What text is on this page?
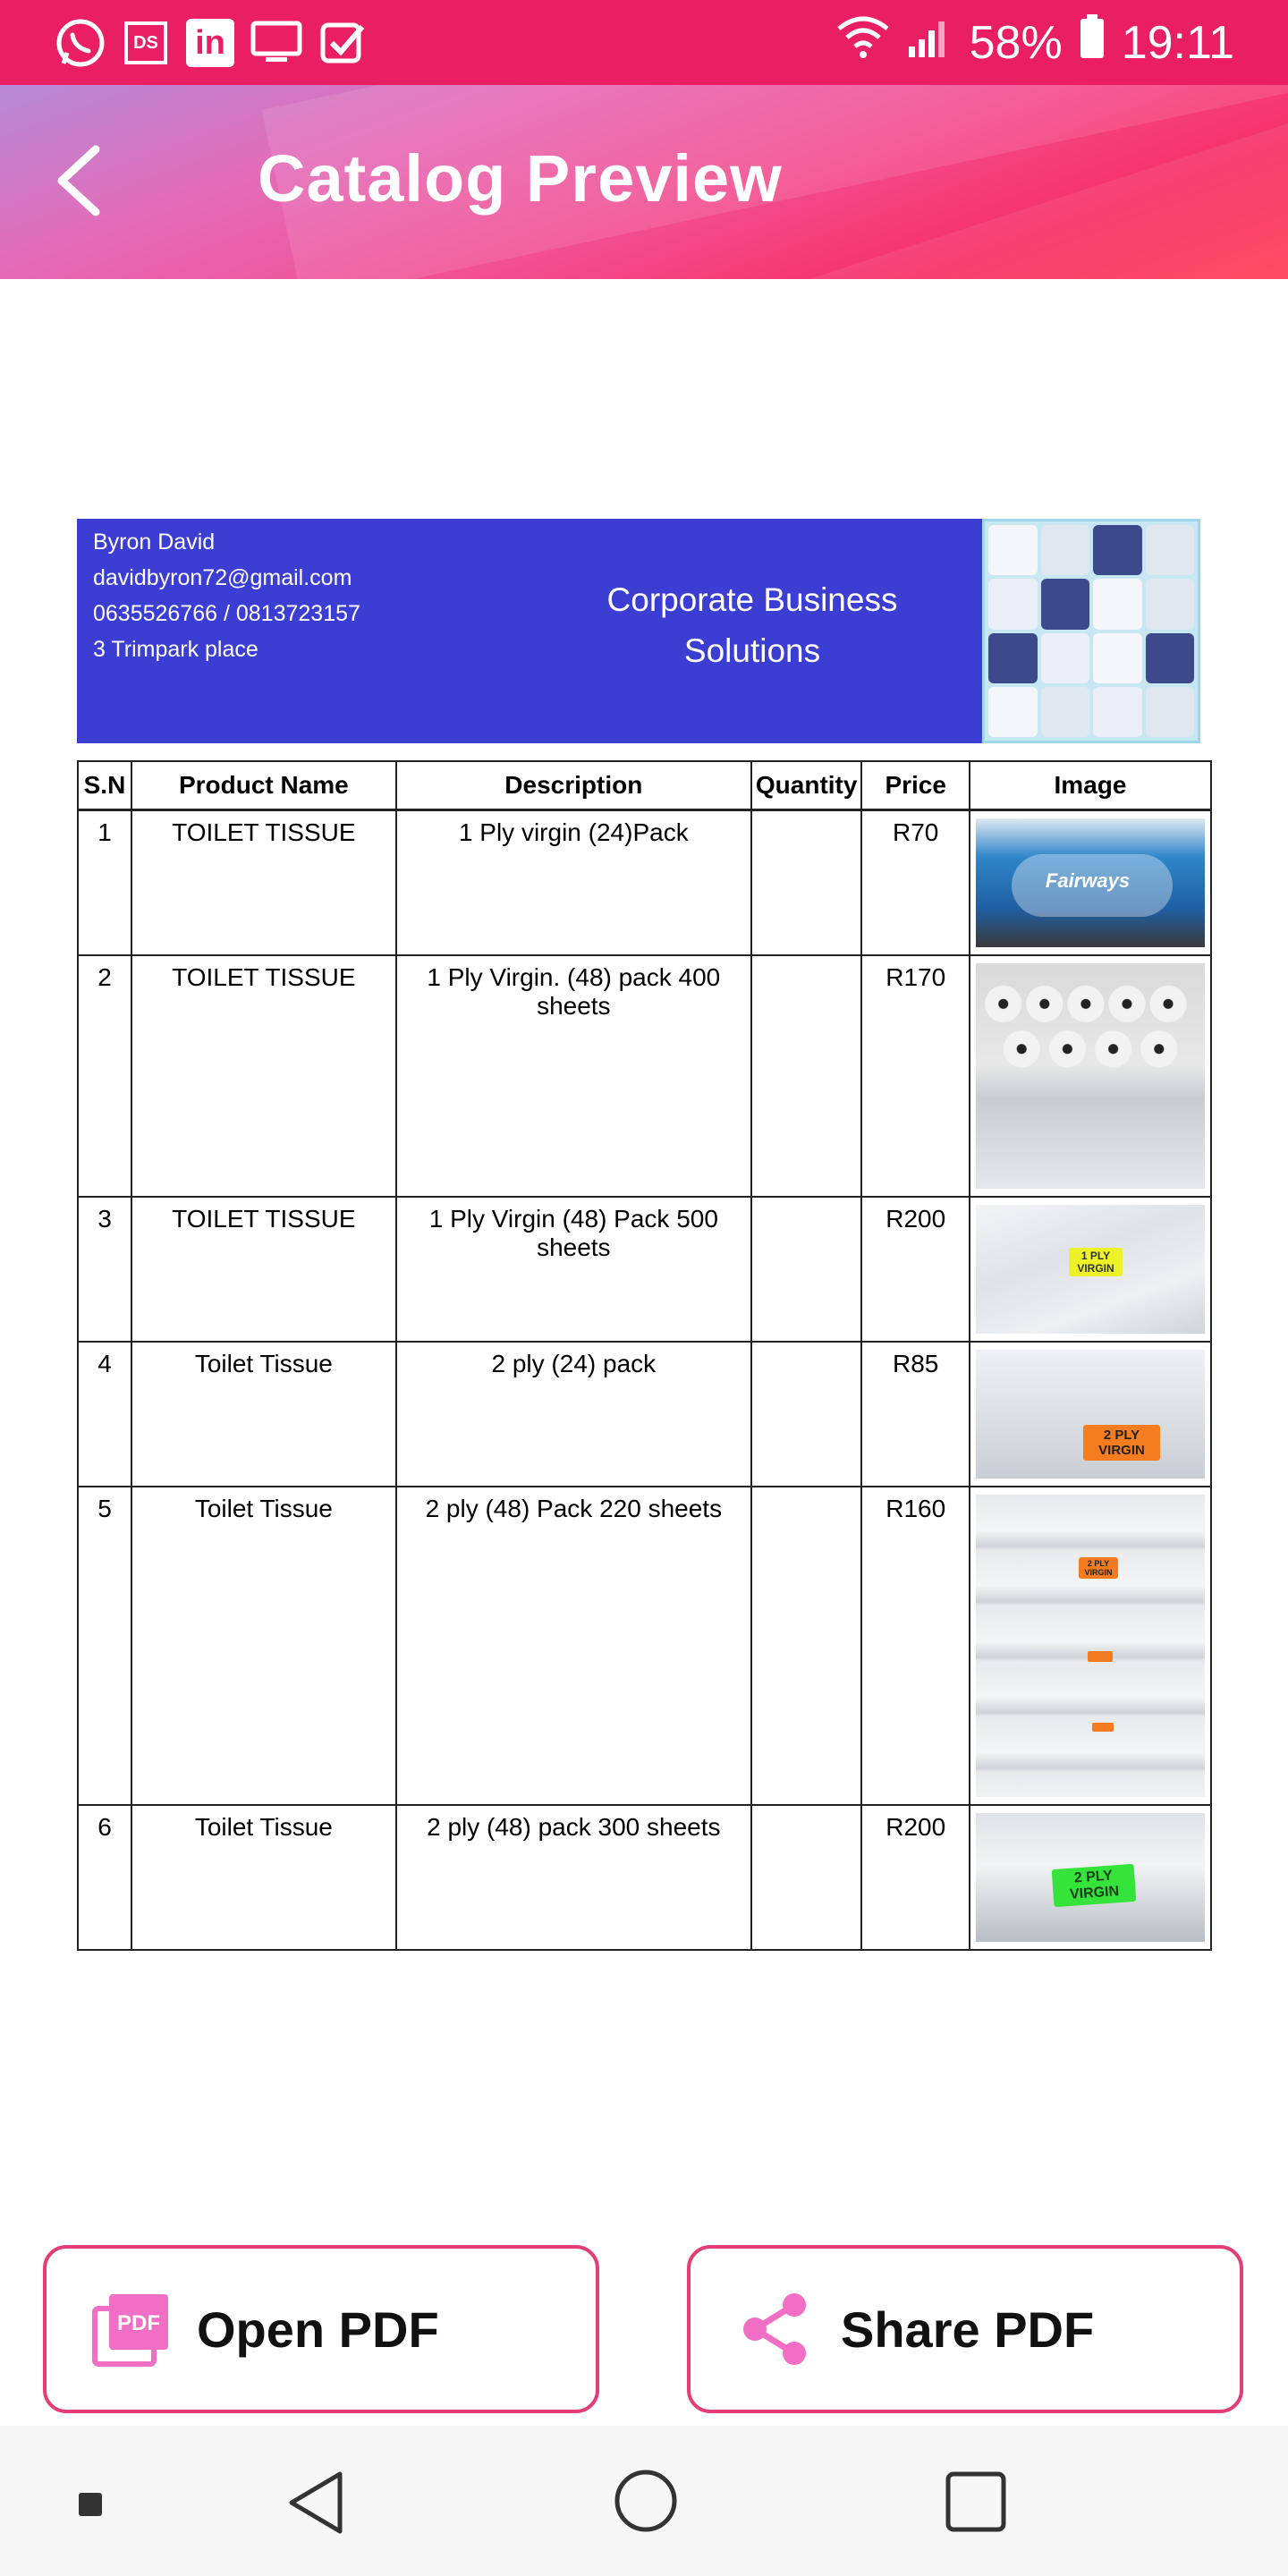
DS in	58% 19:11
Catalog Preview
Byron David
davidbyron72@gmail.com
0635526766 / 0813723157
3 Trimpark place
Corporate Business
Solutions
S.N	Product Name	Description	Quantity	Price	Image
1	TOILET TISSUE	1 Ply virgin (24)Pack		R70	Fairways

2	TOILET TISSUE	1 Ply Virgin. (48) pack 400 sheets		R170	

3	TOILET TISSUE	1 Ply Virgin (48) Pack 500 sheets		R200	1 PLY VIRGIN

4	Toilet Tissue	2 ply (24) pack		R85	2 PLY VIRGIN

5	Toilet Tissue	2 ply (48) Pack 220 sheets		R160	2 PLY VIRGIN

6	Toilet Tissue	2 ply (48) pack 300 sheets		R200	2 PLY VIRGIN
PDF Open PDF	Share PDF
